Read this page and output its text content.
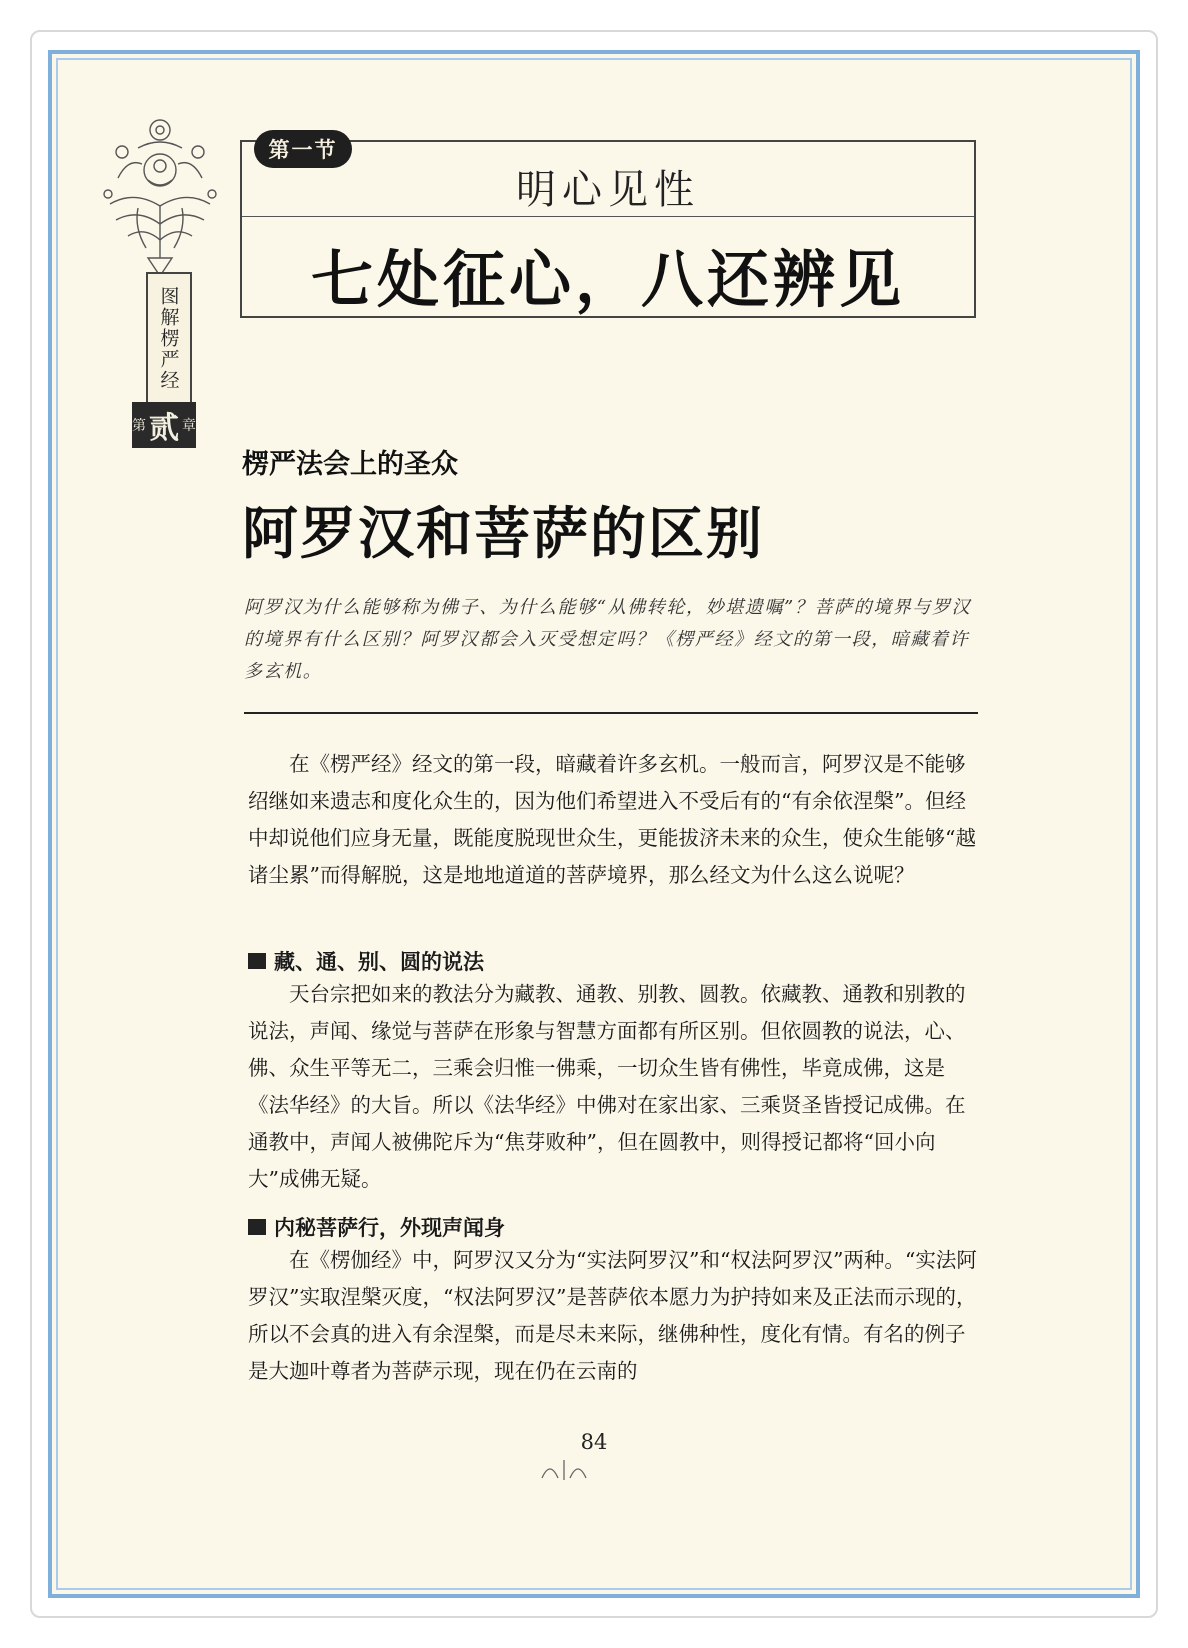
图解楞严经
第 贰 章
第一节
明心见性
七处征心，八还辨见
楞严法会上的圣众
阿罗汉和菩萨的区别
阿罗汉为什么能够称为佛子、为什么能够“从佛转轮，妙堪遗嘱”？菩萨的境界与罗汉的境界有什么区别？阿罗汉都会入灭受想定吗？《楞严经》经文的第一段，暗藏着许多玄机。

在《楞严经》经文的第一段，暗藏着许多玄机。一般而言，阿罗汉是不能够绍继如来遗志和度化众生的，因为他们希望进入不受后有的“有余依涅槃”。但经中却说他们应身无量，既能度脱现世众生，更能拔济未来的众生，使众生能够“越诸尘累”而得解脱，这是地地道道的菩萨境界，那么经文为什么这么说呢？

藏、通、别、圆的说法

天台宗把如来的教法分为藏教、通教、别教、圆教。依藏教、通教和别教的说法，声闻、缘觉与菩萨在形象与智慧方面都有所区别。但依圆教的说法，心、佛、众生平等无二，三乘会归惟一佛乘，一切众生皆有佛性，毕竟成佛，这是《法华经》的大旨。所以《法华经》中佛对在家出家、三乘贤圣皆授记成佛。在通教中，声闻人被佛陀斥为“焦芽败种”，但在圆教中，则得授记都将“回小向大”成佛无疑。

内秘菩萨行，外现声闻身

在《楞伽经》中，阿罗汉又分为“实法阿罗汉”和“权法阿罗汉”两种。“实法阿罗汉”实取涅槃灭度，“权法阿罗汉”是菩萨依本愿力为护持如来及正法而示现的，所以不会真的进入有余涅槃，而是尽未来际，继佛种性，度化有情。有名的例子是大迦叶尊者为菩萨示现，现在仍在云南的

84
